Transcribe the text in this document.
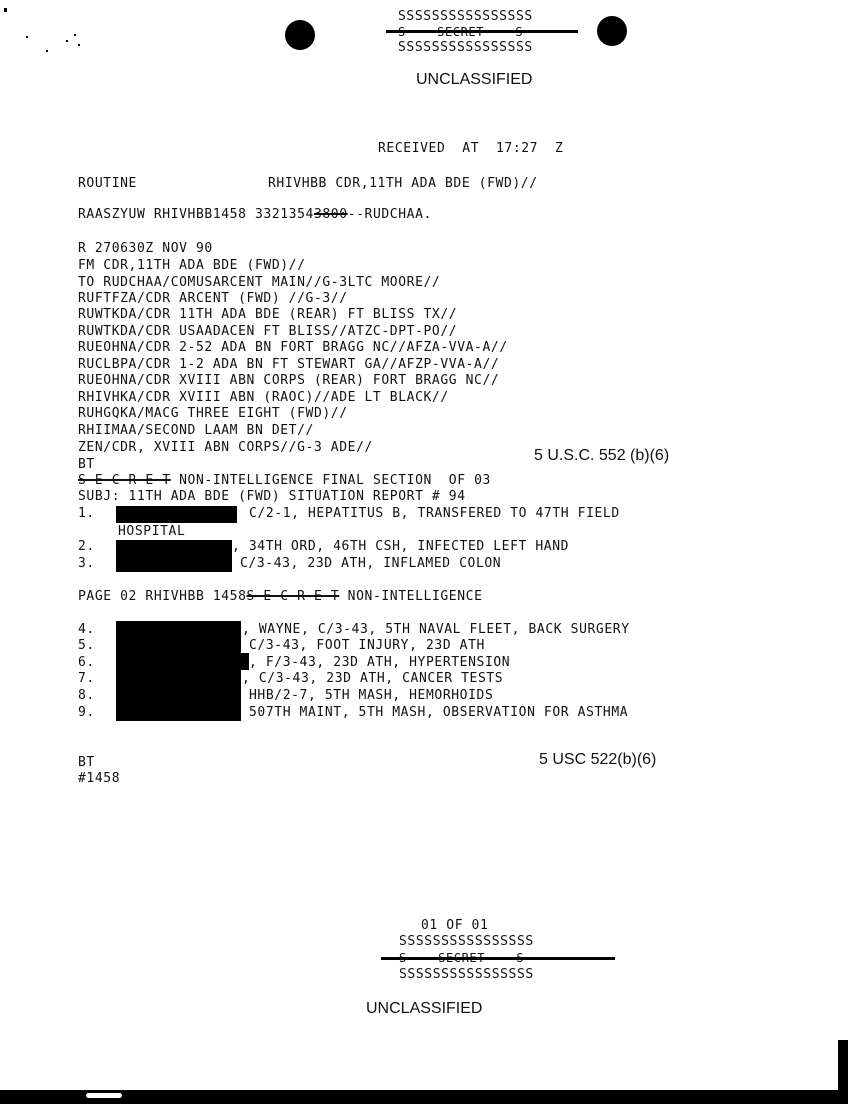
SSSSSSSSSSSSSSSS
SSSSSSSSSSSSSSSS
UNCLASSIFIED
RECEIVED  AT  17:27  Z
ROUTINE	RHIVHBB CDR,11TH ADA BDE (FWD)//
RAASZYUW RHIVHBB1458 33213543800--RUDCHAA.
R 270630Z NOV 90
FM CDR,11TH ADA BDE (FWD)//
TO RUDCHAA/COMUSARCENT MAIN//G-3LTC MOORE//
RUFTFZA/CDR ARCENT (FWD) //G-3//
RUWTKDA/CDR 11TH ADA BDE (REAR) FT BLISS TX//
RUWTKDA/CDR USAADACEN FT BLISS//ATZC-DPT-PO//
RUEOHNA/CDR 2-52 ADA BN FORT BRAGG NC//AFZA-VVA-A//
RUCLBPA/CDR 1-2 ADA BN FT STEWART GA//AFZP-VVA-A//
RUEOHNA/CDR XVIII ABN CORPS (REAR) FORT BRAGG NC//
RHIVHKA/CDR XVIII ABN (RAOC)//ADE LT BLACK//
RUHGQKA/MACG THREE EIGHT (FWD)//
RHIIMAA/SECOND LAAM BN DET//
ZEN/CDR, XVIII ABN CORPS//G-3 ADE//	5 U.S.C. 552 (b)(6)
BT
S E C R E T NON-INTELLIGENCE FINAL SECTION  OF 03
SUBJ: 11TH ADA BDE (FWD) SITUATION REPORT # 94
1.	C/2-1, HEPATITUS B, TRANSFERED TO 47TH FIELD
HOSPITAL
2.	, 34TH ORD, 46TH CSH, INFECTED LEFT HAND
3.	C/3-43, 23D ATH, INFLAMED COLON
PAGE 02 RHIVHBB 1458S E C R E T NON-INTELLIGENCE
4.	, WAYNE, C/3-43, 5TH NAVAL FLEET, BACK SURGERY
5.	C/3-43, FOOT INJURY, 23D ATH
6.	, F/3-43, 23D ATH, HYPERTENSION
7.	, C/3-43, 23D ATH, CANCER TESTS
8.	HHB/2-7, 5TH MASH, HEMORHOIDS
9.	507TH MAINT, 5TH MASH, OBSERVATION FOR ASTHMA
BT
#1458
5 USC 522(b)(6)
01 OF 01
SSSSSSSSSSSSSSSS
SSSSSSSSSSSSSSSS
UNCLASSIFIED
